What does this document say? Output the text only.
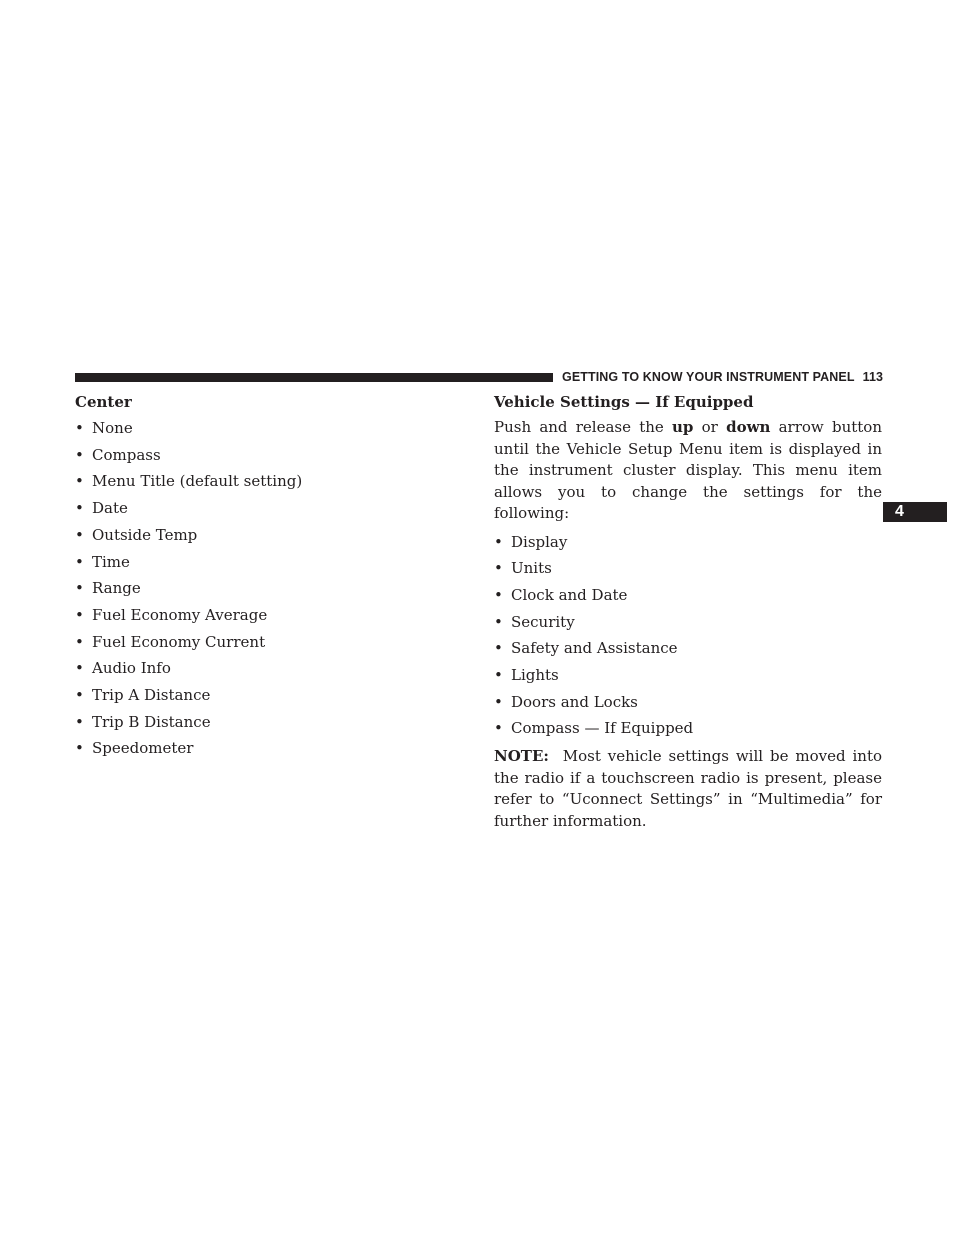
GETTING TO KNOW YOUR INSTRUMENT PANEL 113
4
Center
• None
• Compass
• Menu Title (default setting)
• Date
• Outside Temp
• Time
• Range
• Fuel Economy Average
• Fuel Economy Current
• Audio Info
• Trip A Distance
• Trip B Distance
• Speedometer
Vehicle Settings — If Equipped

Push and release the up or down arrow button until the Vehicle Setup Menu item is displayed in the instrument cluster display. This menu item allows you to change the settings for the following:

• Display
• Units
• Clock and Date
• Security
• Safety and Assistance
• Lights
• Doors and Locks
• Compass — If Equipped

NOTE:  Most vehicle settings will be moved into the radio if a touchscreen radio is present, please refer to “Uconnect Settings” in “Multimedia” for further information.
